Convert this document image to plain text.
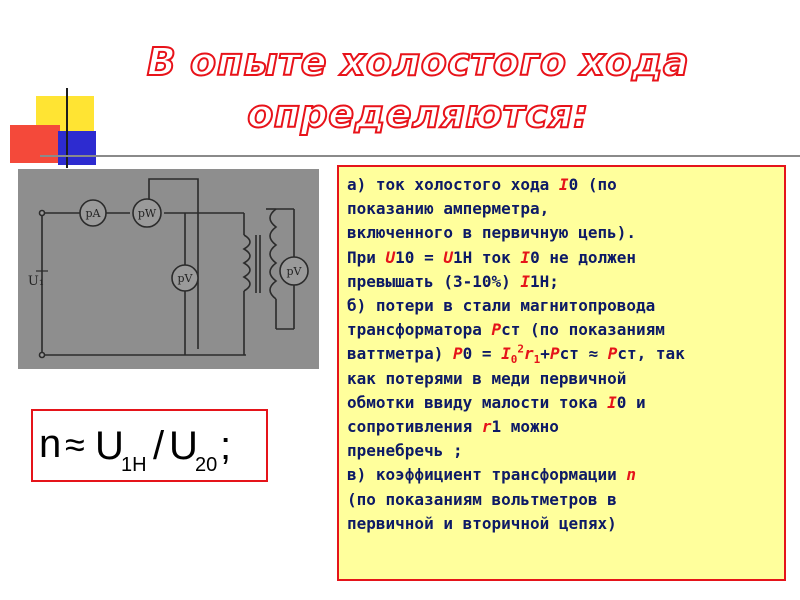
В опыте холостого хода
определяются:
pA	pW
pV
pV
U₁
n ≈ U
1H / U
20 ;
а) ток холостого хода I0 (по
показанию амперметра,
включенного в первичную цепь).
При U10 = U1Н ток I0 не должен
превышать (3-10%) I1Н;
б) потери в стали магнитопровода
трансформатора Pст (по показаниям
ваттметра) $P0 = I_0^2r_1+Pст$ ≈ Pст, так
как потерями в меди первичной
обмотки ввиду малости тока I0 и
сопротивления r1 можно
пренебречь ;
в) коэффициент трансформации n
(по показаниям вольтметров в
первичной и вторичной цепях)
